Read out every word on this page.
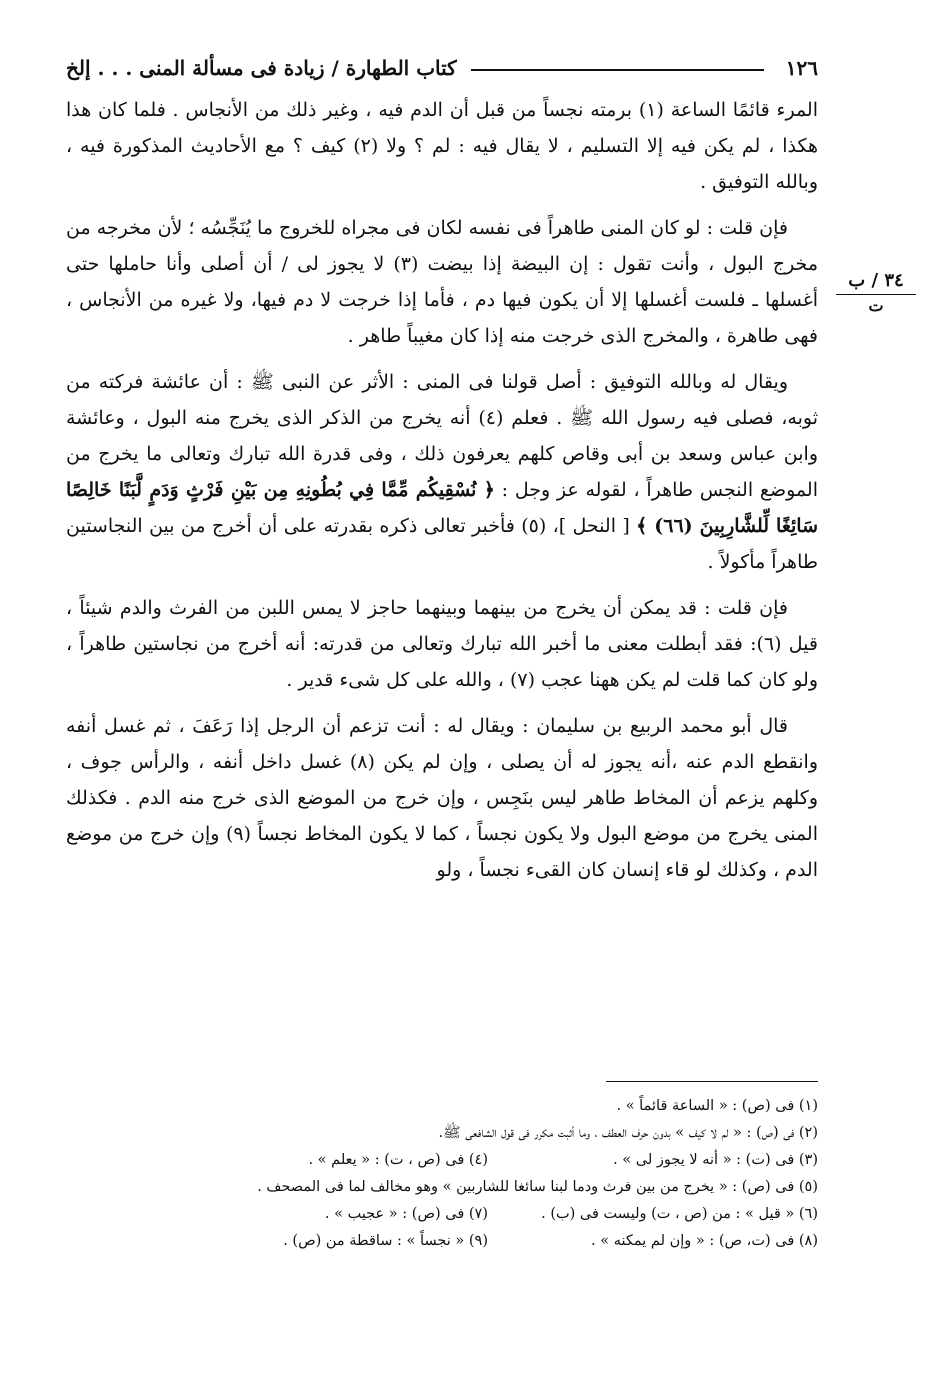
١٢٦
كتاب الطهارة / زيادة فى مسألة المنى . . . إلخ
٣٤ / ب
ت

المرء قائمًا الساعة (١) برمته نجساً من قبل أن الدم فيه ، وغير ذلك من الأنجاس . فلما كان هذا هكذا ، لم يكن فيه إلا التسليم ، لا يقال فيه : لم ؟ ولا (٢) كيف ؟ مع الأحاديث المذكورة فيه ، وبالله التوفيق .

فإن قلت : لو كان المنى طاهراً فى نفسه لكان فى مجراه للخروج ما يُنَجِّسُه ؛ لأن مخرجه من مخرج البول ، وأنت تقول : إن البيضة إذا بيضت (٣) لا يجوز لى / أن أصلى وأنا حاملها حتى أغسلها ـ فلست أغسلها إلا أن يكون فيها دم ، فأما إذا خرجت لا دم فيها، ولا غيره من الأنجاس ، فهى طاهرة ، والمخرج الذى خرجت منه إذا كان مغيباً طاهر .

ويقال له وبالله التوفيق : أصل قولنا فى المنى : الأثر عن النبى ﷺ : أن عائشة فركته من ثوبه، فصلى فيه رسول الله ﷺ . فعلم (٤) أنه يخرج من الذكر الذى يخرج منه البول ، وعائشة وابن عباس وسعد بن أبى وقاص كلهم يعرفون ذلك ، وفى قدرة الله تبارك وتعالى ما يخرج من الموضع النجس طاهراً ، لقوله عز وجل : ﴿ نُسْقِيكُم مِّمَّا فِي بُطُونِهِ مِن بَيْنِ فَرْثٍ وَدَمٍ لَّبَنًا خَالِصًا سَائِغًا لِّلشَّارِبِينَ (٦٦) ﴾ [ النحل ]، (٥) فأخبر تعالى ذكره بقدرته على أن أخرج من بين النجاستين طاهراً مأكولاً .

فإن قلت : قد يمكن أن يخرج من بينهما وبينهما حاجز لا يمس اللبن من الفرث والدم شيئاً ، قيل (٦): فقد أبطلت معنى ما أخبر الله تبارك وتعالى من قدرته: أنه أخرج من نجاستين طاهراً ، ولو كان كما قلت لم يكن ههنا عجب (٧) ، والله على كل شىء قدير .

قال أبو محمد الربيع بن سليمان : ويقال له : أنت تزعم أن الرجل إذا رَعَفَ ، ثم غسل أنفه وانقطع الدم عنه ،أنه يجوز له أن يصلى ، وإن لم يكن (٨) غسل داخل أنفه ، والرأس جوف ، وكلهم يزعم أن المخاط طاهر ليس بنَجِس ، وإن خرج من الموضع الذى خرج منه الدم . فكذلك المنى يخرج من موضع البول ولا يكون نجساً ، كما لا يكون المخاط نجساً (٩) وإن خرج من موضع الدم ، وكذلك لو قاء إنسان كان القىء نجساً ، ولو

(١) فى (ص) : « الساعة قائماً » .
(٢) فى (ص) : « لم لا كيف » بدون حرف العطف ، وما أثبت مكرر فى قول الشافعى ﷺ.
(٣) فى (ت) : « أنه لا يجوز لى » .
(٤) فى (ص ، ت) : « يعلم » .
(٥) فى (ص) : « يخرج من بين فرث ودما لبنا سائغا للشاربين » وهو مخالف لما فى المصحف .
(٦) « قيل » : من (ص ، ت) وليست فى (ب) .
(٧) فى (ص) : « عجيب » .
(٨) فى (ت، ص) : « وإن لم يمكنه » .
(٩) « نجساً » : ساقطة من (ص) .
